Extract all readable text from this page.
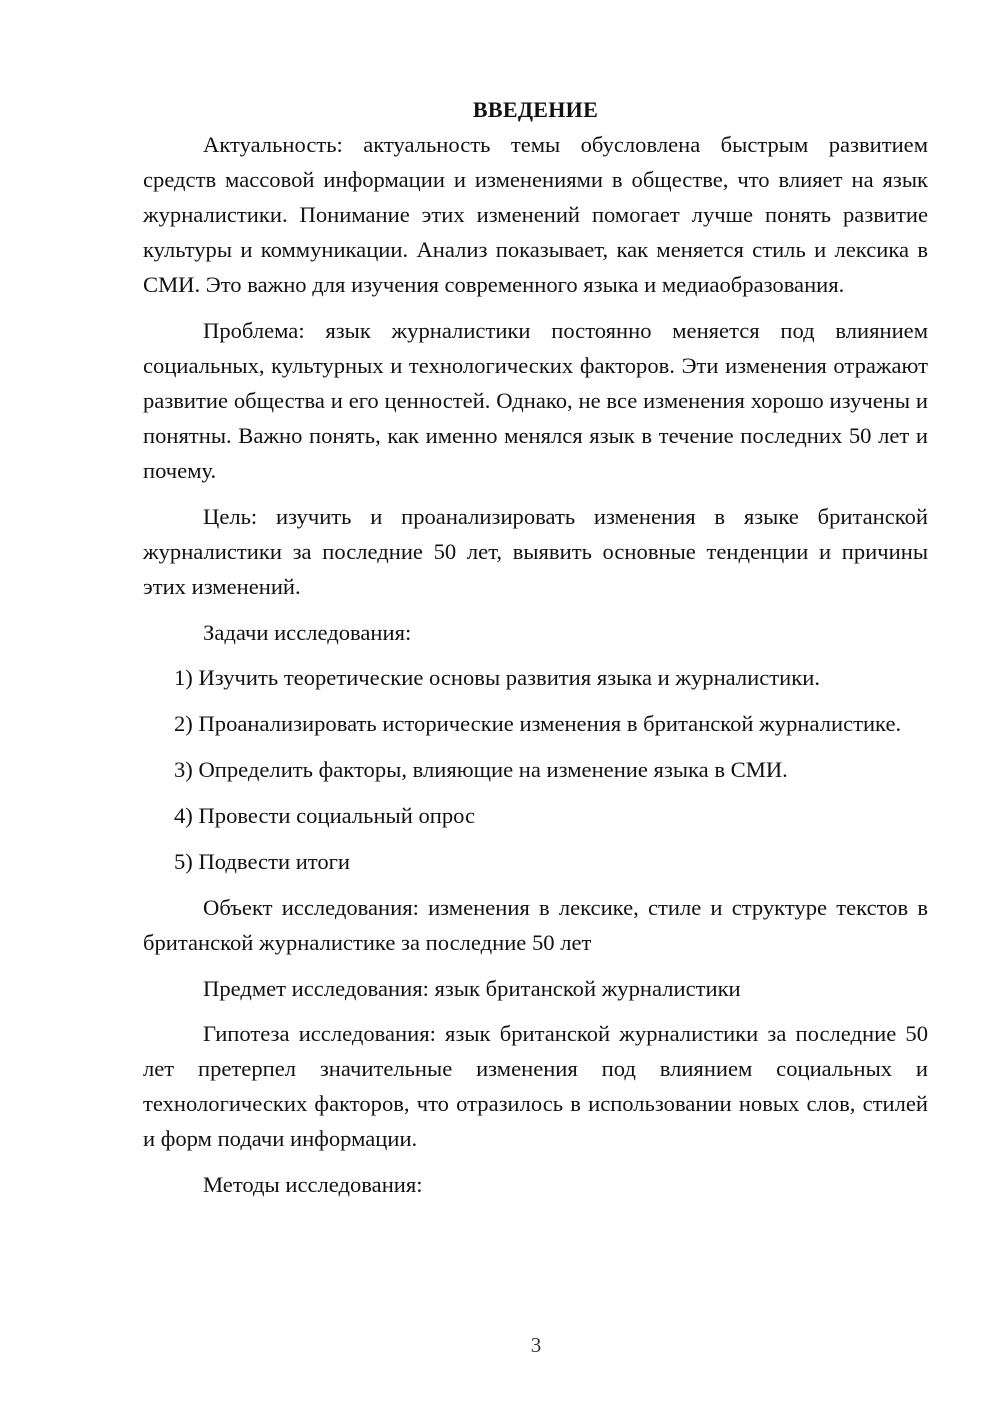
ВВЕДЕНИЕ

Актуальность: актуальность темы обусловлена быстрым развитием средств массовой информации и изменениями в обществе, что влияет на язык журналистики. Понимание этих изменений помогает лучше понять развитие культуры и коммуникации. Анализ показывает, как меняется стиль и лексика в СМИ. Это важно для изучения современного языка и медиаобразования.

Проблема: язык журналистики постоянно меняется под влиянием социальных, культурных и технологических факторов. Эти изменения отражают развитие общества и его ценностей. Однако, не все изменения хорошо изучены и понятны. Важно понять, как именно менялся язык в течение последних 50 лет и почему.

Цель: изучить и проанализировать изменения в языке британской журналистики за последние 50 лет, выявить основные тенденции и причины этих изменений.

Задачи исследования:

1) Изучить теоретические основы развития языка и журналистики.

2) Проанализировать исторические изменения в британской журналистике.

3) Определить факторы, влияющие на изменение языка в СМИ.

4) Провести социальный опрос

5) Подвести итоги

Объект исследования: изменения в лексике, стиле и структуре текстов в британской журналистике за последние 50 лет

Предмет исследования: язык британской журналистики

Гипотеза исследования: язык британской журналистики за последние 50 лет претерпел значительные изменения под влиянием социальных и технологических факторов, что отразилось в использовании новых слов, стилей и форм подачи информации.

Методы исследования:

3
